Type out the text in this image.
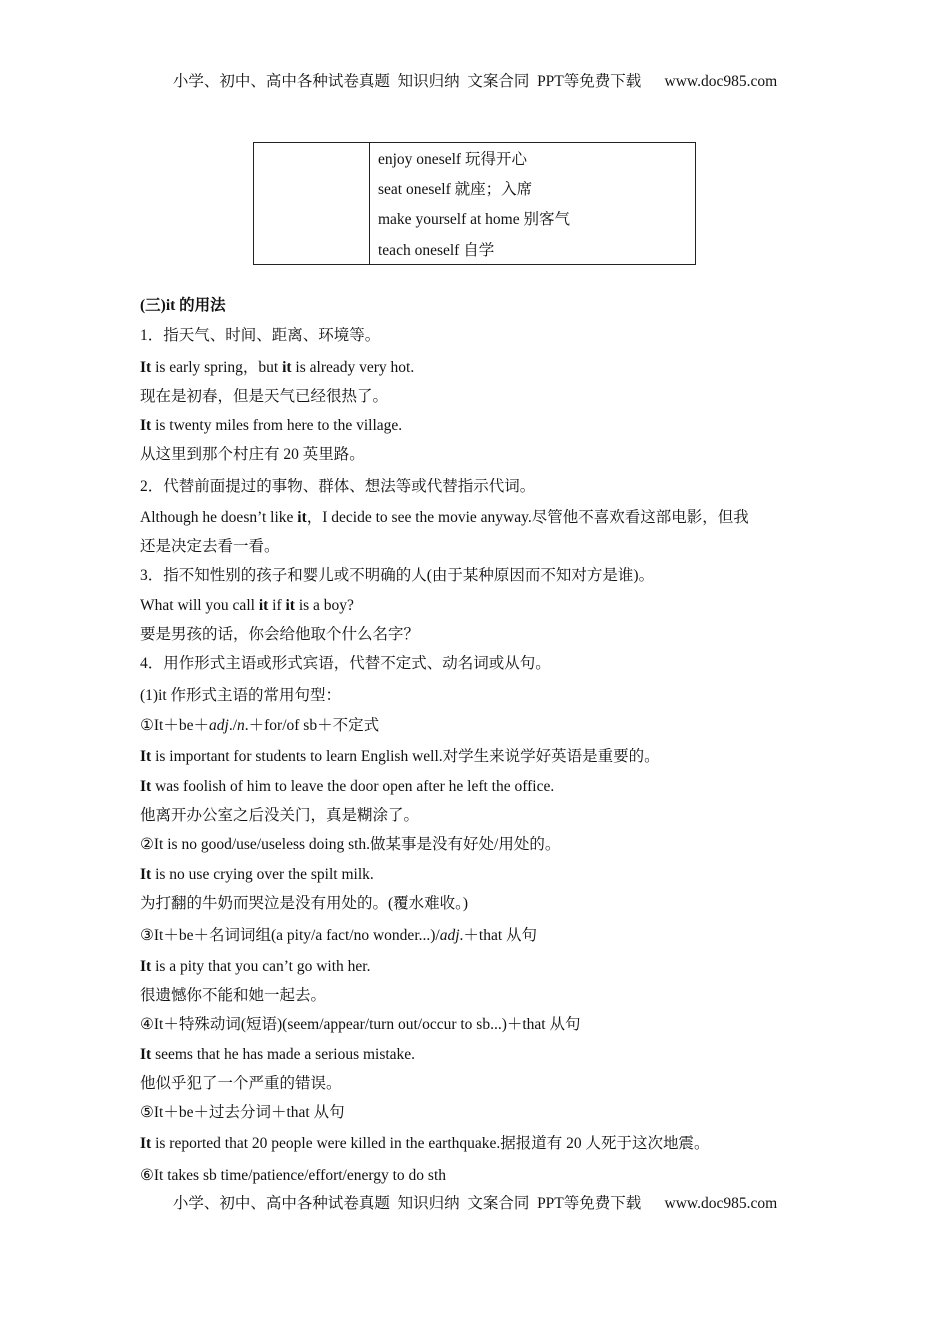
小学、初中、高中各种试卷真题  知识归纳  文案合同  PPT等免费下载      www.doc985.com
enjoy oneself 玩得开心
seat oneself 就座；入席
make yourself at home 别客气
teach oneself 自学
(三)it 的用法
1．指天气、时间、距离、环境等。
It is early spring，but it is already very hot.
现在是初春，但是天气已经很热了。
It is twenty miles from here to the village.
从这里到那个村庄有 20 英里路。
2．代替前面提过的事物、群体、想法等或代替指示代词。
Although he doesn’t like it，I decide to see the movie anyway.尽管他不喜欢看这部电影，但我
还是决定去看一看。
3．指不知性别的孩子和婴儿或不明确的人(由于某种原因而不知对方是谁)。
What will you call it if it is a boy?
要是男孩的话，你会给他取个什么名字？
4．用作形式主语或形式宾语，代替不定式、动名词或从句。
(1)it 作形式主语的常用句型：
①It＋be＋adj./n.＋for/of sb＋不定式
It is important for students to learn English well.对学生来说学好英语是重要的。
It was foolish of him to leave the door open after he left the office.
他离开办公室之后没关门，真是糊涂了。
②It is no good/use/useless doing sth.做某事是没有好处/用处的。
It is no use crying over the spilt milk.
为打翻的牛奶而哭泣是没有用处的。(覆水难收。)
③It＋be＋名词词组(a pity/a fact/no wonder...)/adj.＋that 从句
It is a pity that you can’t go with her.
很遗憾你不能和她一起去。
④It＋特殊动词(短语)(seem/appear/turn out/occur to sb...)＋that 从句
It seems that he has made a serious mistake.
他似乎犯了一个严重的错误。
⑤It＋be＋过去分词＋that 从句
It is reported that 20 people were killed in the earthquake.据报道有 20 人死于这次地震。
⑥It takes sb time/patience/effort/energy to do sth
小学、初中、高中各种试卷真题  知识归纳  文案合同  PPT等免费下载      www.doc985.com
